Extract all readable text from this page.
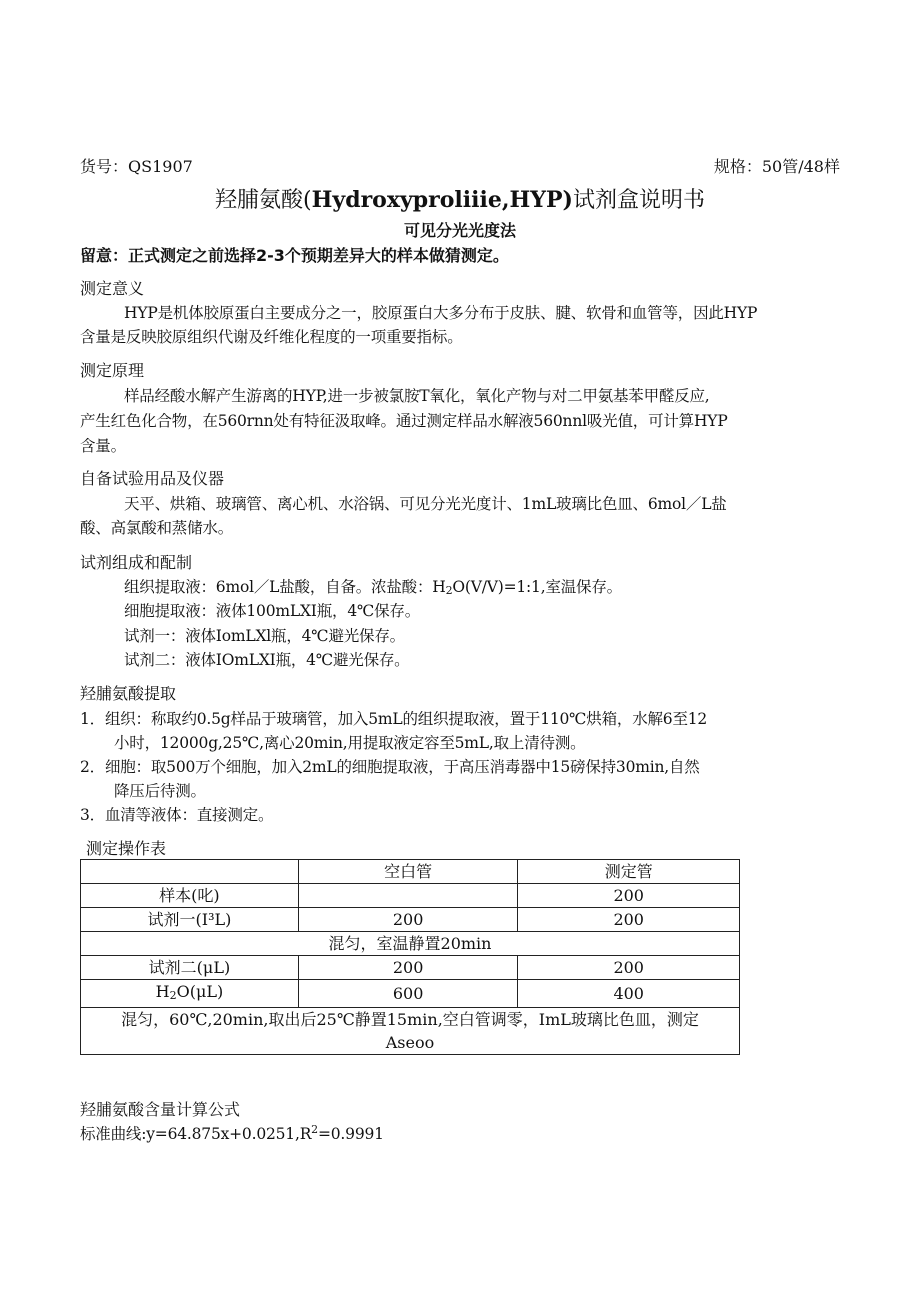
货号：QS1907	规格：50管/48样
羟脯氨酸(Hydroxyproliiie,HYP)试剂盒说明书
可见分光光度法
留意：正式测定之前选择2-3个预期差异大的样本做猜测定。
测定意义
HYP是机体胶原蛋白主要成分之一，胶原蛋白大多分布于皮肤、腱、软骨和血管等，因此HYP
含量是反映胶原组织代谢及纤维化程度的一项重要指标。
测定原理
样品经酸水解产生游离的HYP,进一步被氯胺T氧化，氧化产物与对二甲氨基苯甲醛反应,
产生红色化合物，在560rnn处有特征汲取峰。通过测定样品水解液560nnl吸光值，可计算HYP
含量。
自备试验用品及仪器
天平、烘箱、玻璃管、离心机、水浴锅、可见分光光度计、1mL玻璃比色皿、6mol／L盐
酸、高氯酸和蒸储水。
试剂组成和配制
组织提取液：6mol／L盐酸，自备。浓盐酸：H2O(V/V)=1:1,室温保存。
细胞提取液：液体100mLXI瓶，4℃保存。
试剂一：液体IomLXl瓶，4℃避光保存。
试剂二：液体IOmLXI瓶，4℃避光保存。
羟脯氨酸提取
1．组织：称取约0.5g样品于玻璃管，加入5mL的组织提取液，置于110℃烘箱，水解6至12
小时，12000g,25℃,离心20min,用提取液定容至5mL,取上清待测。
2．细胞：取500万个细胞，加入2mL的细胞提取液，于高压消毒器中15磅保持30min,自然
降压后待测。
3．血清等液体：直接测定。
测定操作表
	空白管	测定管
样本(叱)		200
试剂一(I³L)	200	200
混匀，室温静置20min		
试剂二(μL)	200	200
H2O(μL)	600	400

混匀，60℃,20min,取出后25℃静置15min,空白管调零，ImL玻璃比色皿，测定
Aseoo		
羟脯氨酸含量计算公式
标准曲线$:y=64.875x+0.0251,R^2=0.9991$
